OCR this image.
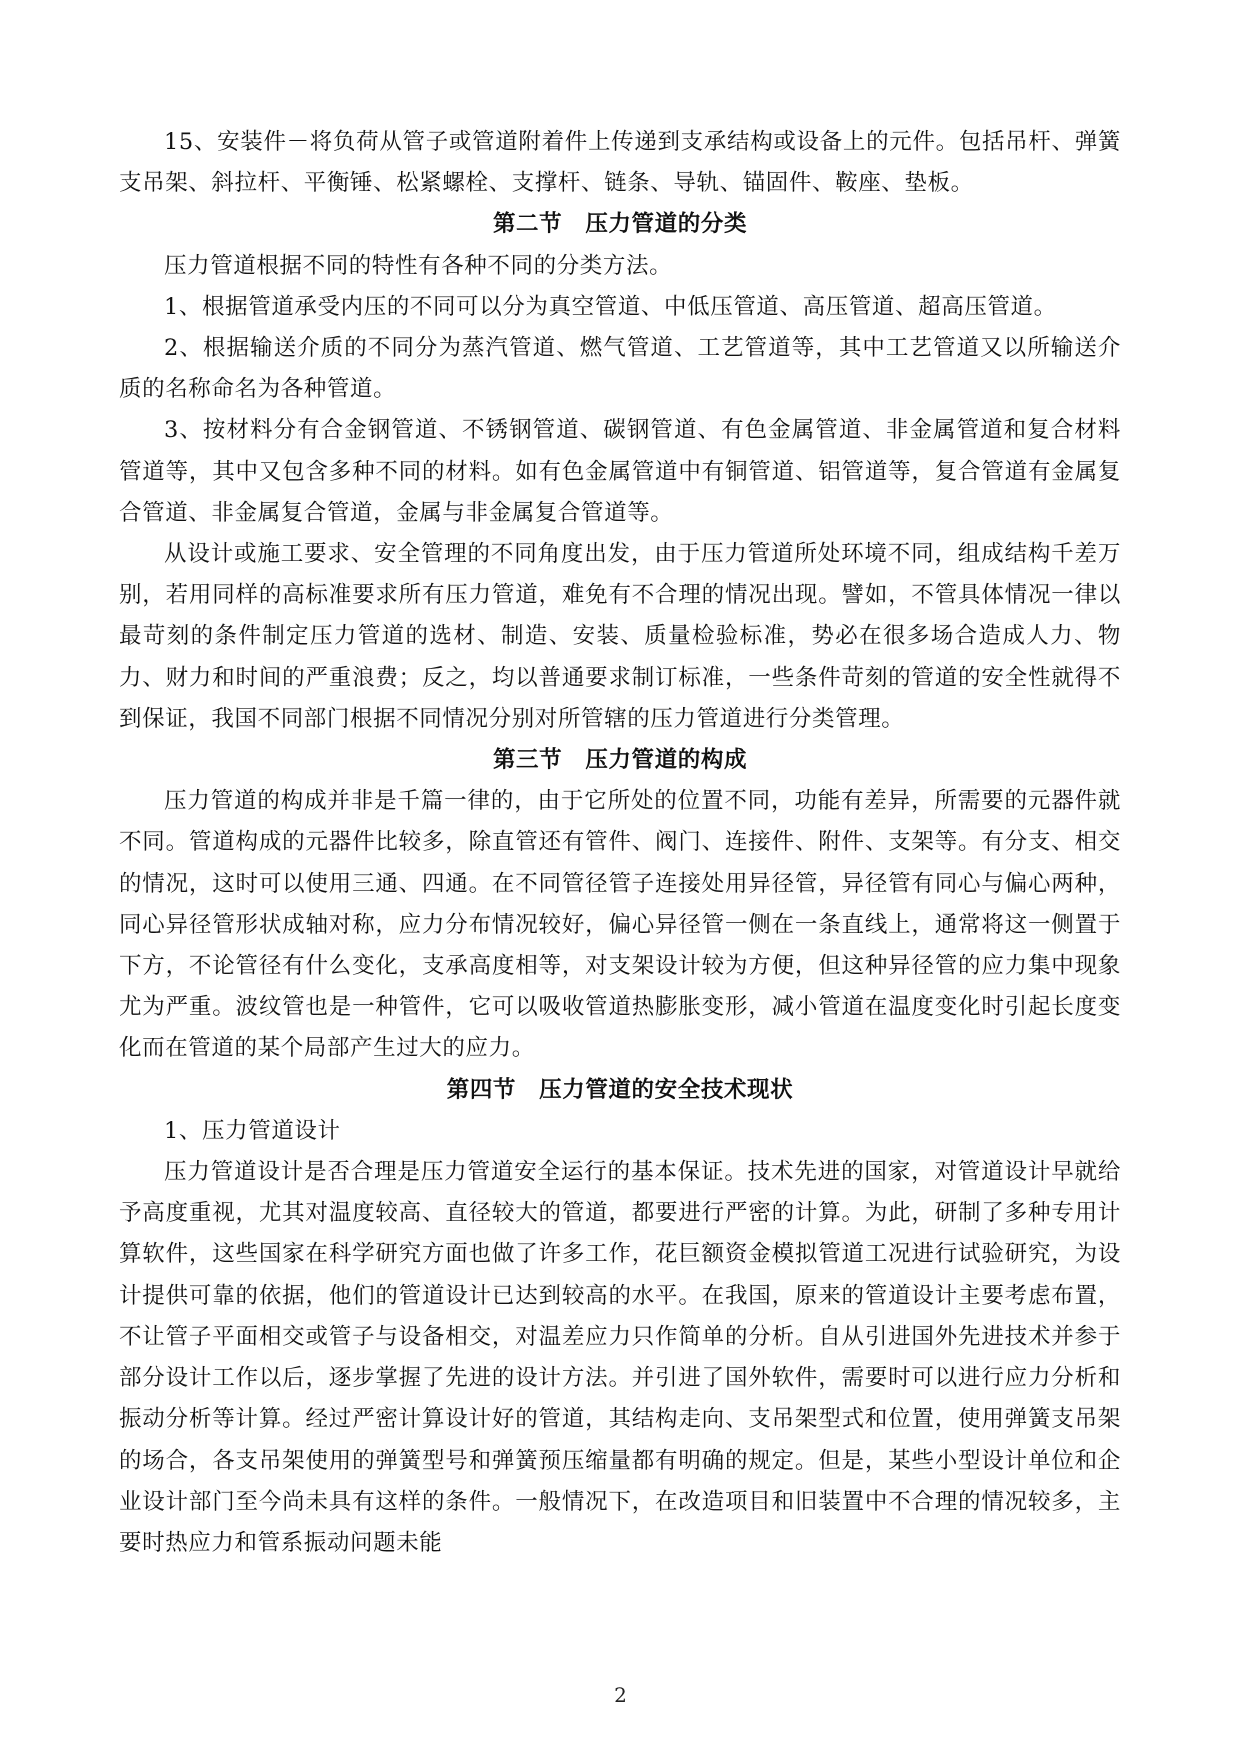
15、安装件－将负荷从管子或管道附着件上传递到支承结构或设备上的元件。包括吊杆、弹簧支吊架、斜拉杆、平衡锤、松紧螺栓、支撑杆、链条、导轨、锚固件、鞍座、垫板。

第二节　压力管道的分类

压力管道根据不同的特性有各种不同的分类方法。

1、根据管道承受内压的不同可以分为真空管道、中低压管道、高压管道、超高压管道。

2、根据输送介质的不同分为蒸汽管道、燃气管道、工艺管道等，其中工艺管道又以所输送介质的名称命名为各种管道。

3、按材料分有合金钢管道、不锈钢管道、碳钢管道、有色金属管道、非金属管道和复合材料管道等，其中又包含多种不同的材料。如有色金属管道中有铜管道、铝管道等，复合管道有金属复合管道、非金属复合管道，金属与非金属复合管道等。

从设计或施工要求、安全管理的不同角度出发，由于压力管道所处环境不同，组成结构千差万别，若用同样的高标准要求所有压力管道，难免有不合理的情况出现。譬如，不管具体情况一律以最苛刻的条件制定压力管道的选材、制造、安装、质量检验标准，势必在很多场合造成人力、物力、财力和时间的严重浪费；反之，均以普通要求制订标准，一些条件苛刻的管道的安全性就得不到保证，我国不同部门根据不同情况分别对所管辖的压力管道进行分类管理。

第三节　压力管道的构成

压力管道的构成并非是千篇一律的，由于它所处的位置不同，功能有差异，所需要的元器件就不同。管道构成的元器件比较多，除直管还有管件、阀门、连接件、附件、支架等。有分支、相交的情况，这时可以使用三通、四通。在不同管径管子连接处用异径管，异径管有同心与偏心两种，同心异径管形状成轴对称，应力分布情况较好，偏心异径管一侧在一条直线上，通常将这一侧置于下方，不论管径有什么变化，支承高度相等，对支架设计较为方便，但这种异径管的应力集中现象尤为严重。波纹管也是一种管件，它可以吸收管道热膨胀变形，减小管道在温度变化时引起长度变化而在管道的某个局部产生过大的应力。

第四节　压力管道的安全技术现状

1、压力管道设计

压力管道设计是否合理是压力管道安全运行的基本保证。技术先进的国家，对管道设计早就给予高度重视，尤其对温度较高、直径较大的管道，都要进行严密的计算。为此，研制了多种专用计算软件，这些国家在科学研究方面也做了许多工作，花巨额资金模拟管道工况进行试验研究，为设计提供可靠的依据，他们的管道设计已达到较高的水平。在我国，原来的管道设计主要考虑布置，不让管子平面相交或管子与设备相交，对温差应力只作简单的分析。自从引进国外先进技术并参于部分设计工作以后，逐步掌握了先进的设计方法。并引进了国外软件，需要时可以进行应力分析和振动分析等计算。经过严密计算设计好的管道，其结构走向、支吊架型式和位置，使用弹簧支吊架的场合，各支吊架使用的弹簧型号和弹簧预压缩量都有明确的规定。但是，某些小型设计单位和企业设计部门至今尚未具有这样的条件。一般情况下，在改造项目和旧装置中不合理的情况较多，主要时热应力和管系振动问题未能

2
